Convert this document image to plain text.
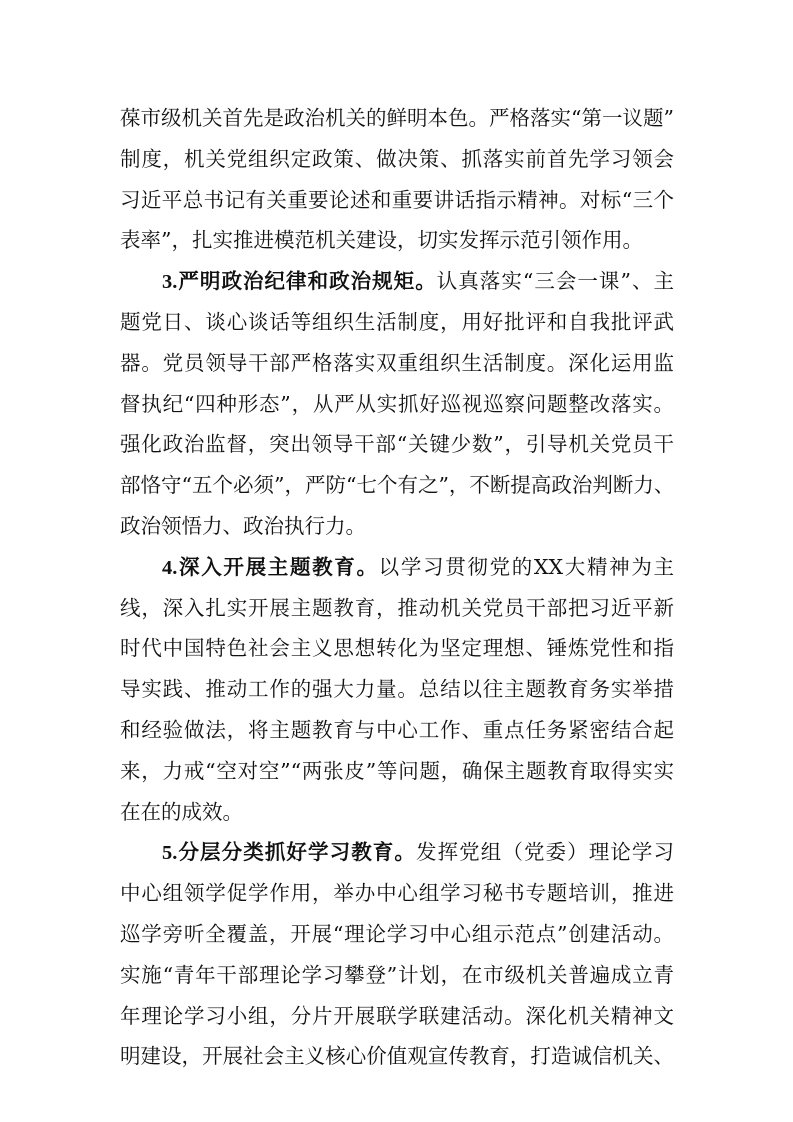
葆市级机关首先是政治机关的鲜明本色。严格落实“第一议题”
制度，机关党组织定政策、做决策、抓落实前首先学习领会
习近平总书记有关重要论述和重要讲话指示精神。对标“三个
表率”，扎实推进模范机关建设，切实发挥示范引领作用。
3.严明政治纪律和政治规矩。认真落实“三会一课”、主
题党日、谈心谈话等组织生活制度，用好批评和自我批评武
器。党员领导干部严格落实双重组织生活制度。深化运用监
督执纪“四种形态”，从严从实抓好巡视巡察问题整改落实。
强化政治监督，突出领导干部“关键少数”，引导机关党员干
部恪守“五个必须”，严防“七个有之”，不断提高政治判断力、
政治领悟力、政治执行力。
4.深入开展主题教育。以学习贯彻党的XX大精神为主
线，深入扎实开展主题教育，推动机关党员干部把习近平新
时代中国特色社会主义思想转化为坚定理想、锤炼党性和指
导实践、推动工作的强大力量。总结以往主题教育务实举措
和经验做法，将主题教育与中心工作、重点任务紧密结合起
来，力戒“空对空”“两张皮”等问题，确保主题教育取得实实
在在的成效。
5.分层分类抓好学习教育。发挥党组（党委）理论学习
中心组领学促学作用，举办中心组学习秘书专题培训，推进
巡学旁听全覆盖，开展“理论学习中心组示范点”创建活动。
实施“青年干部理论学习攀登”计划，在市级机关普遍成立青
年理论学习小组，分片开展联学联建活动。深化机关精神文
明建设，开展社会主义核心价值观宣传教育，打造诚信机关、
